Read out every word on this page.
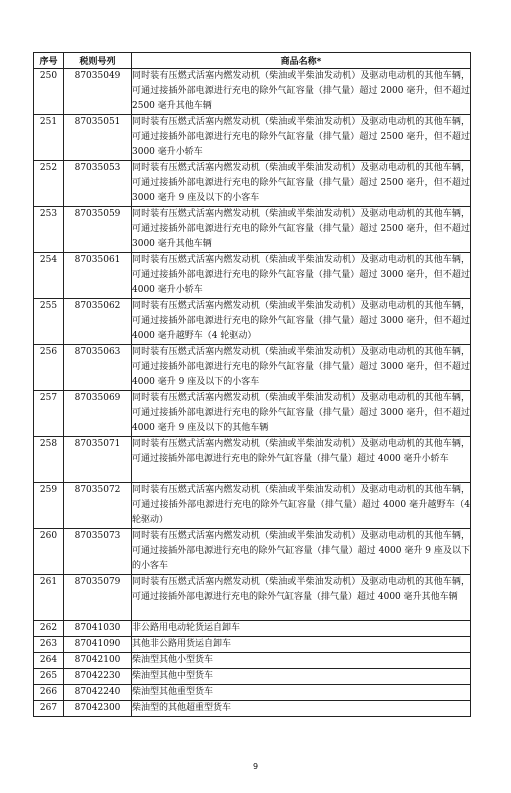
序号	税则号列	商品名称*
250	87035049	同时装有压燃式活塞内燃发动机（柴油或半柴油发动机）及驱动电动机的其他车辆，可通过接插外部电源进行充电的除外气缸容量（排气量）超过 2000 毫升，但不超过 2500 毫升其他车辆
251	87035051	同时装有压燃式活塞内燃发动机（柴油或半柴油发动机）及驱动电动机的其他车辆，可通过接插外部电源进行充电的除外气缸容量（排气量）超过 2500 毫升，但不超过 3000 毫升小轿车
252	87035053	同时装有压燃式活塞内燃发动机（柴油或半柴油发动机）及驱动电动机的其他车辆，可通过接插外部电源进行充电的除外气缸容量（排气量）超过 2500 毫升，但不超过 3000 毫升 9 座及以下的小客车
253	87035059	同时装有压燃式活塞内燃发动机（柴油或半柴油发动机）及驱动电动机的其他车辆，可通过接插外部电源进行充电的除外气缸容量（排气量）超过 2500 毫升，但不超过 3000 毫升其他车辆
254	87035061	同时装有压燃式活塞内燃发动机（柴油或半柴油发动机）及驱动电动机的其他车辆，可通过接插外部电源进行充电的除外气缸容量（排气量）超过 3000 毫升，但不超过 4000 毫升小轿车
255	87035062	同时装有压燃式活塞内燃发动机（柴油或半柴油发动机）及驱动电动机的其他车辆，可通过接插外部电源进行充电的除外气缸容量（排气量）超过 3000 毫升，但不超过 4000 毫升越野车（4 轮驱动）
256	87035063	同时装有压燃式活塞内燃发动机（柴油或半柴油发动机）及驱动电动机的其他车辆，可通过接插外部电源进行充电的除外气缸容量（排气量）超过 3000 毫升，但不超过 4000 毫升 9 座及以下的小客车
257	87035069	同时装有压燃式活塞内燃发动机（柴油或半柴油发动机）及驱动电动机的其他车辆，可通过接插外部电源进行充电的除外气缸容量（排气量）超过 3000 毫升，但不超过 4000 毫升 9 座及以下的其他车辆
258	87035071	同时装有压燃式活塞内燃发动机（柴油或半柴油发动机）及驱动电动机的其他车辆，可通过接插外部电源进行充电的除外气缸容量（排气量）超过 4000 毫升小轿车
259	87035072	同时装有压燃式活塞内燃发动机（柴油或半柴油发动机）及驱动电动机的其他车辆，可通过接插外部电源进行充电的除外气缸容量（排气量）超过 4000 毫升越野车（4 轮驱动）
260	87035073	同时装有压燃式活塞内燃发动机（柴油或半柴油发动机）及驱动电动机的其他车辆，可通过接插外部电源进行充电的除外气缸容量（排气量）超过 4000 毫升 9 座及以下的小客车
261	87035079	同时装有压燃式活塞内燃发动机（柴油或半柴油发动机）及驱动电动机的其他车辆，可通过接插外部电源进行充电的除外气缸容量（排气量）超过 4000 毫升其他车辆
262	87041030	非公路用电动轮货运自卸车
263	87041090	其他非公路用货运自卸车
264	87042100	柴油型其他小型货车
265	87042230	柴油型其他中型货车
266	87042240	柴油型其他重型货车
267	87042300	柴油型的其他超重型货车
9
